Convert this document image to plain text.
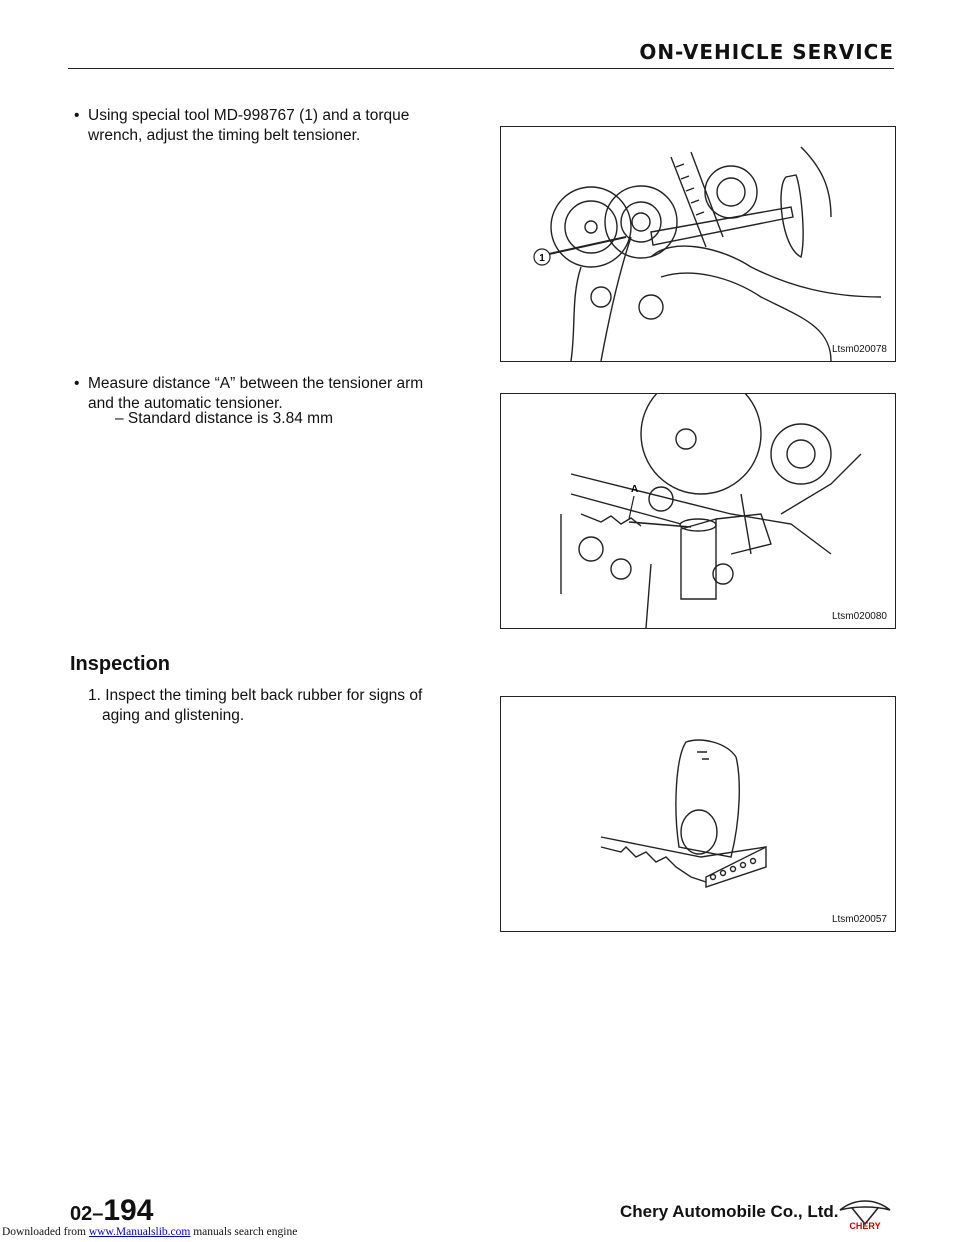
ON-VEHICLE SERVICE
• Using special tool MD-998767 (1) and a torque
wrench, adjust the timing belt tensioner.
• Measure distance “A” between the tensioner arm
and the automatic tensioner.
– Standard distance is 3.84 mm
Inspection
1. Inspect the timing belt back rubber for signs of
aging and glistening.
1
Ltsm020078
A
Ltsm020080
Ltsm020057
02–194	Chery Automobile Co., Ltd.
CHERY
Downloaded from www.Manualslib.com manuals search engine
